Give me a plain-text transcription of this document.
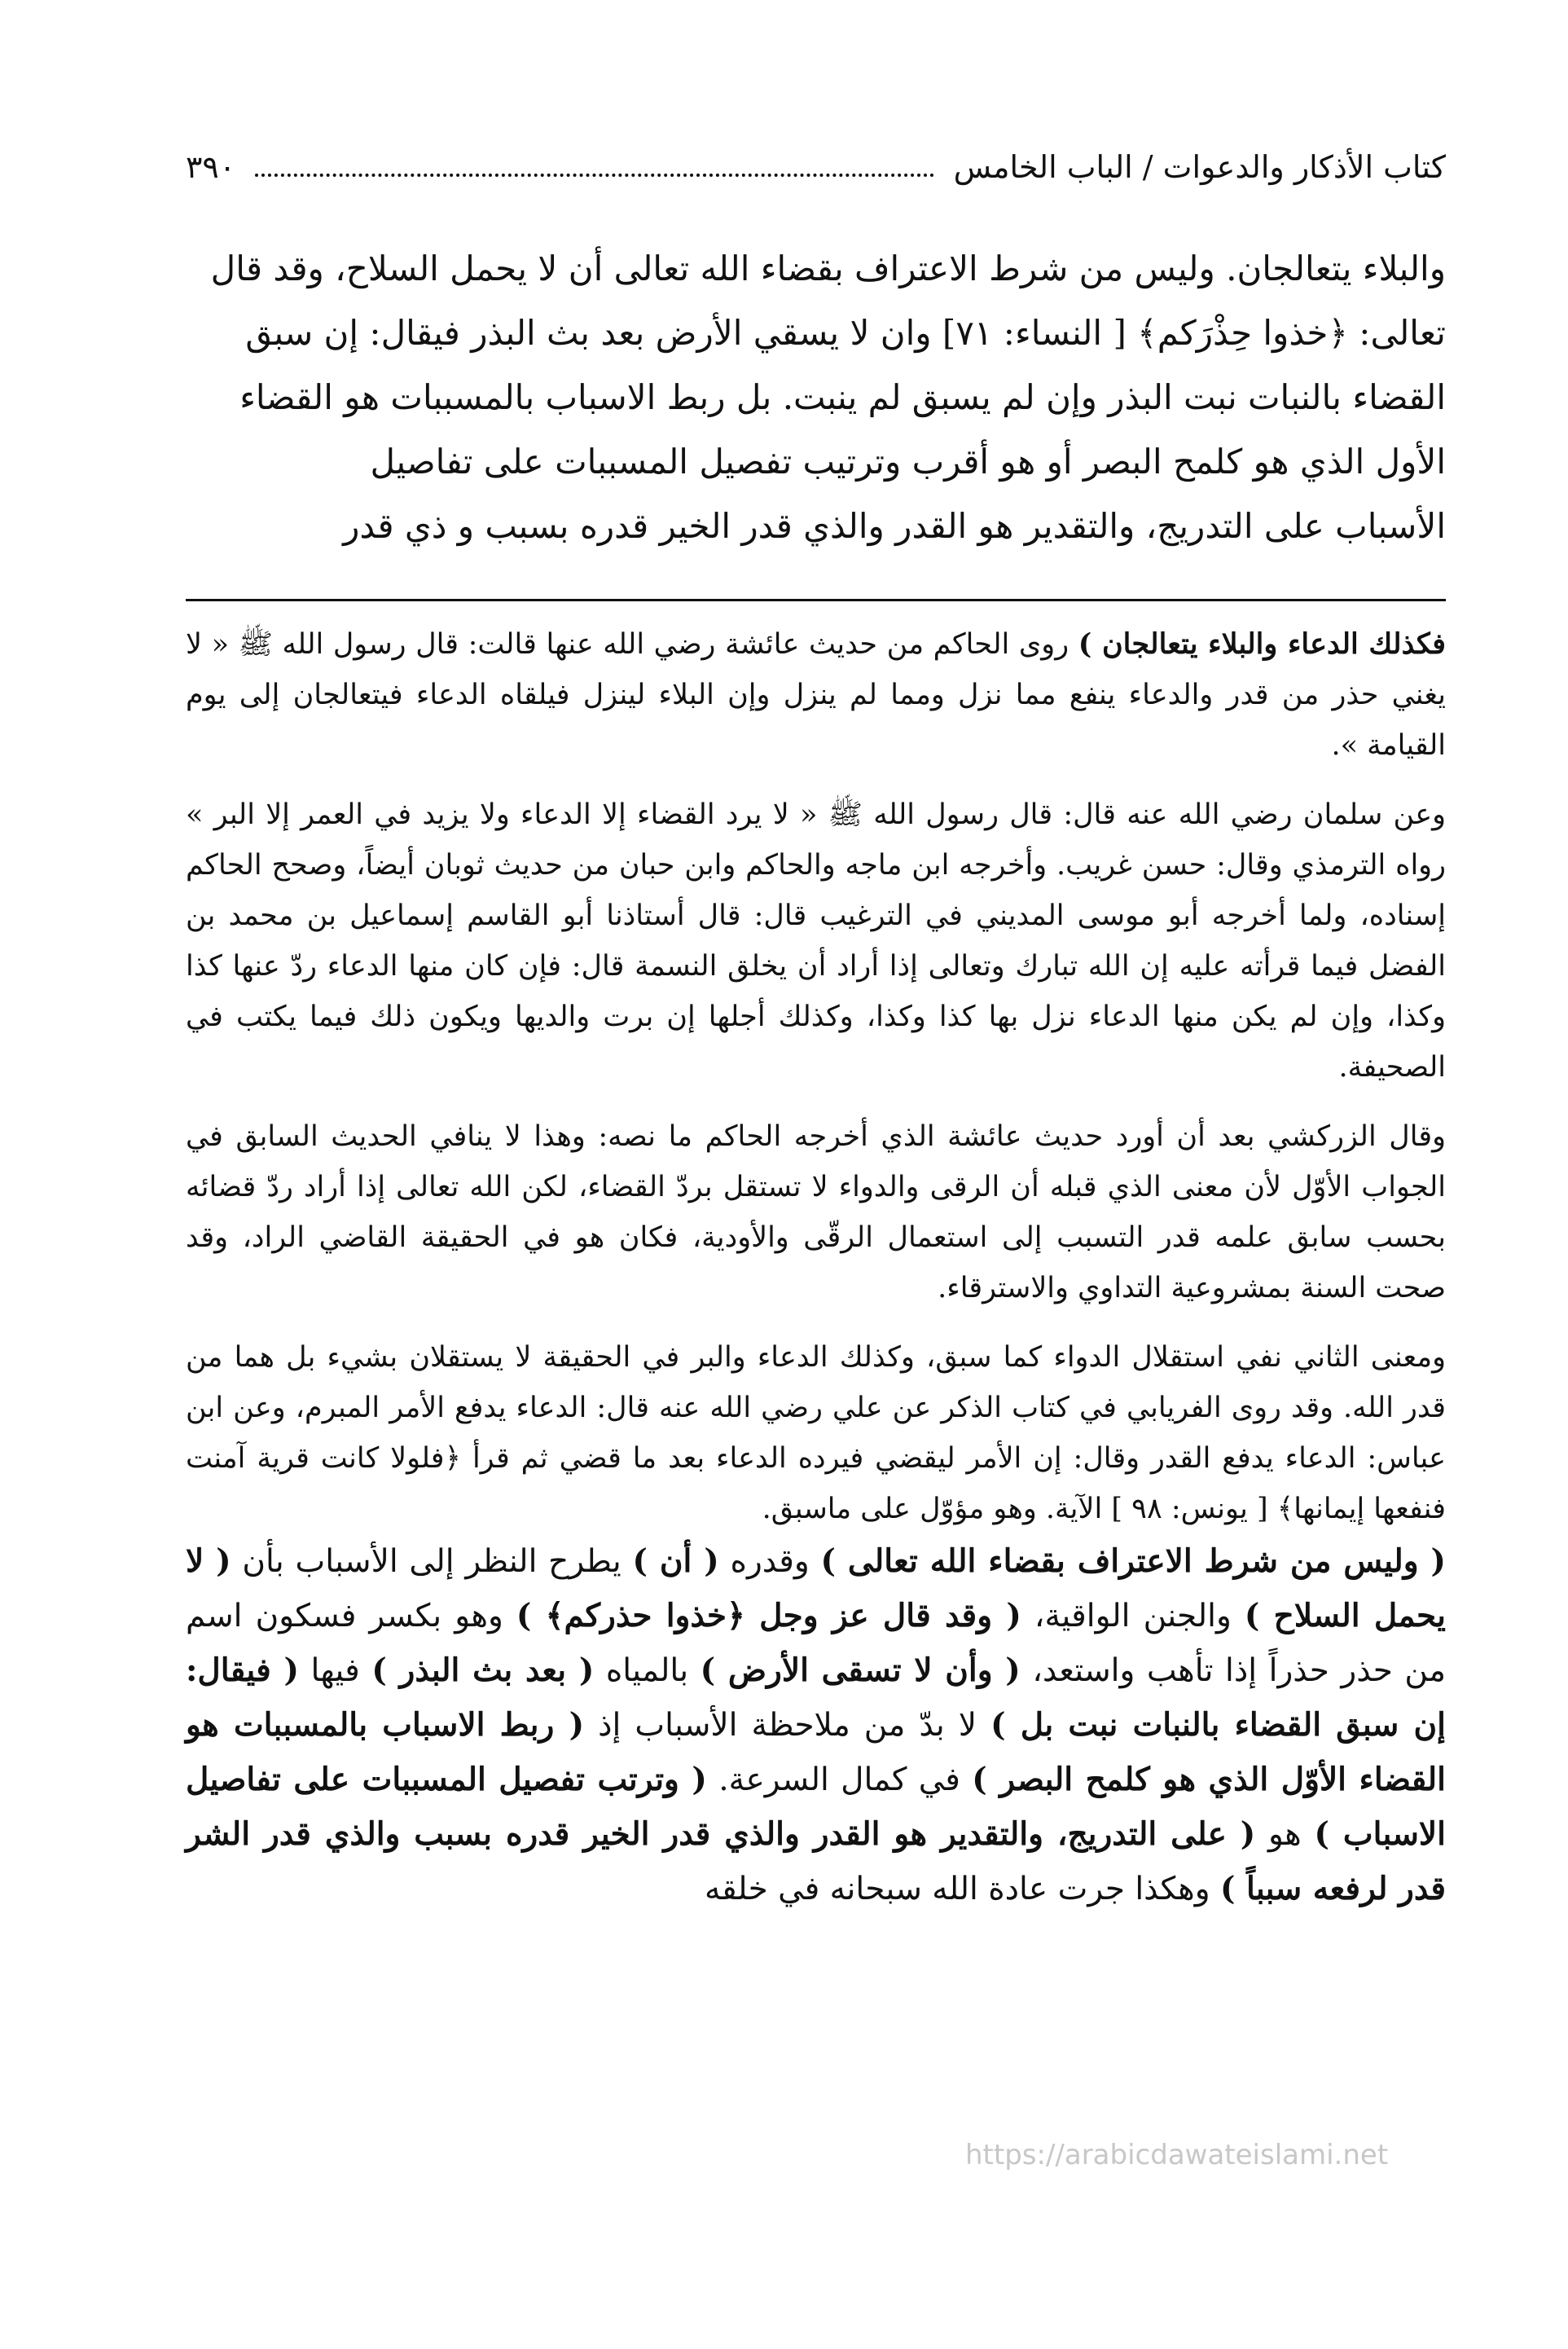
كتاب الأذكار والدعوات / الباب الخامس
٣٩٠

والبلاء يتعالجان. وليس من شرط الاعتراف بقضاء الله تعالى أن لا يحمل السلاح، وقد قال

تعالى: ﴿خذوا حِذْرَكم﴾ [ النساء: ٧١] وان لا يسقي الأرض بعد بث البذر فيقال: إن سبق

القضاء بالنبات نبت البذر وإن لم يسبق لم ينبت. بل ربط الاسباب بالمسببات هو القضاء

الأول الذي هو كلمح البصر أو هو أقرب وترتيب تفصيل المسببات على تفاصيل

الأسباب على التدريج، والتقدير هو القدر والذي قدر الخير قدره بسبب و ذي قدر

فكذلك الدعاء والبلاء يتعالجان ) روى الحاكم من حديث عائشة رضي الله عنها قالت: قال رسول الله ﷺ « لا يغني حذر من قدر والدعاء ينفع مما نزل ومما لم ينزل وإن البلاء لينزل فيلقاه الدعاء فيتعالجان إلى يوم القيامة ».

وعن سلمان رضي الله عنه قال: قال رسول الله ﷺ « لا يرد القضاء إلا الدعاء ولا يزيد في العمر إلا البر » رواه الترمذي وقال: حسن غريب. وأخرجه ابن ماجه والحاكم وابن حبان من حديث ثوبان أيضاً، وصحح الحاكم إسناده، ولما أخرجه أبو موسى المديني في الترغيب قال: قال أستاذنا أبو القاسم إسماعيل بن محمد بن الفضل فيما قرأته عليه إن الله تبارك وتعالى إذا أراد أن يخلق النسمة قال: فإن كان منها الدعاء ردّ عنها كذا وكذا، وإن لم يكن منها الدعاء نزل بها كذا وكذا، وكذلك أجلها إن برت والديها ويكون ذلك فيما يكتب في الصحيفة.

وقال الزركشي بعد أن أورد حديث عائشة الذي أخرجه الحاكم ما نصه: وهذا لا ينافي الحديث السابق في الجواب الأوّل لأن معنى الذي قبله أن الرقى والدواء لا تستقل بردّ القضاء، لكن الله تعالى إذا أراد ردّ قضائه بحسب سابق علمه قدر التسبب إلى استعمال الرقّى والأودية، فكان هو في الحقيقة القاضي الراد، وقد صحت السنة بمشروعية التداوي والاسترقاء.

ومعنى الثاني نفي استقلال الدواء كما سبق، وكذلك الدعاء والبر في الحقيقة لا يستقلان بشيء بل هما من قدر الله. وقد روى الفريابي في كتاب الذكر عن علي رضي الله عنه قال: الدعاء يدفع الأمر المبرم، وعن ابن عباس: الدعاء يدفع القدر وقال: إن الأمر ليقضي فيرده الدعاء بعد ما قضي ثم قرأ ﴿فلولا كانت قرية آمنت فنفعها إيمانها﴾ [ يونس: ٩٨ ] الآية. وهو مؤوّل على ماسبق.

( وليس من شرط الاعتراف بقضاء الله تعالى ) وقدره ( أن ) يطرح النظر إلى الأسباب بأن ( لا يحمل السلاح ) والجنن الواقية، ( وقد قال عز وجل ﴿خذوا حذركم﴾ ) وهو بكسر فسكون اسم من حذر حذراً إذا تأهب واستعد، ( وأن لا تسقى الأرض ) بالمياه ( بعد بث البذر ) فيها ( فيقال: إن سبق القضاء بالنبات نبت بل ) لا بدّ من ملاحظة الأسباب إذ ( ربط الاسباب بالمسببات هو القضاء الأوّل الذي هو كلمح البصر ) في كمال السرعة. ( وترتب تفصيل المسببات على تفاصيل الاسباب ) هو ( على التدريج، والتقدير هو القدر والذي قدر الخير قدره بسبب والذي قدر الشر قدر لرفعه سبباً ) وهكذا جرت عادة الله سبحانه في خلقه

https://arabicdawateislami.net
